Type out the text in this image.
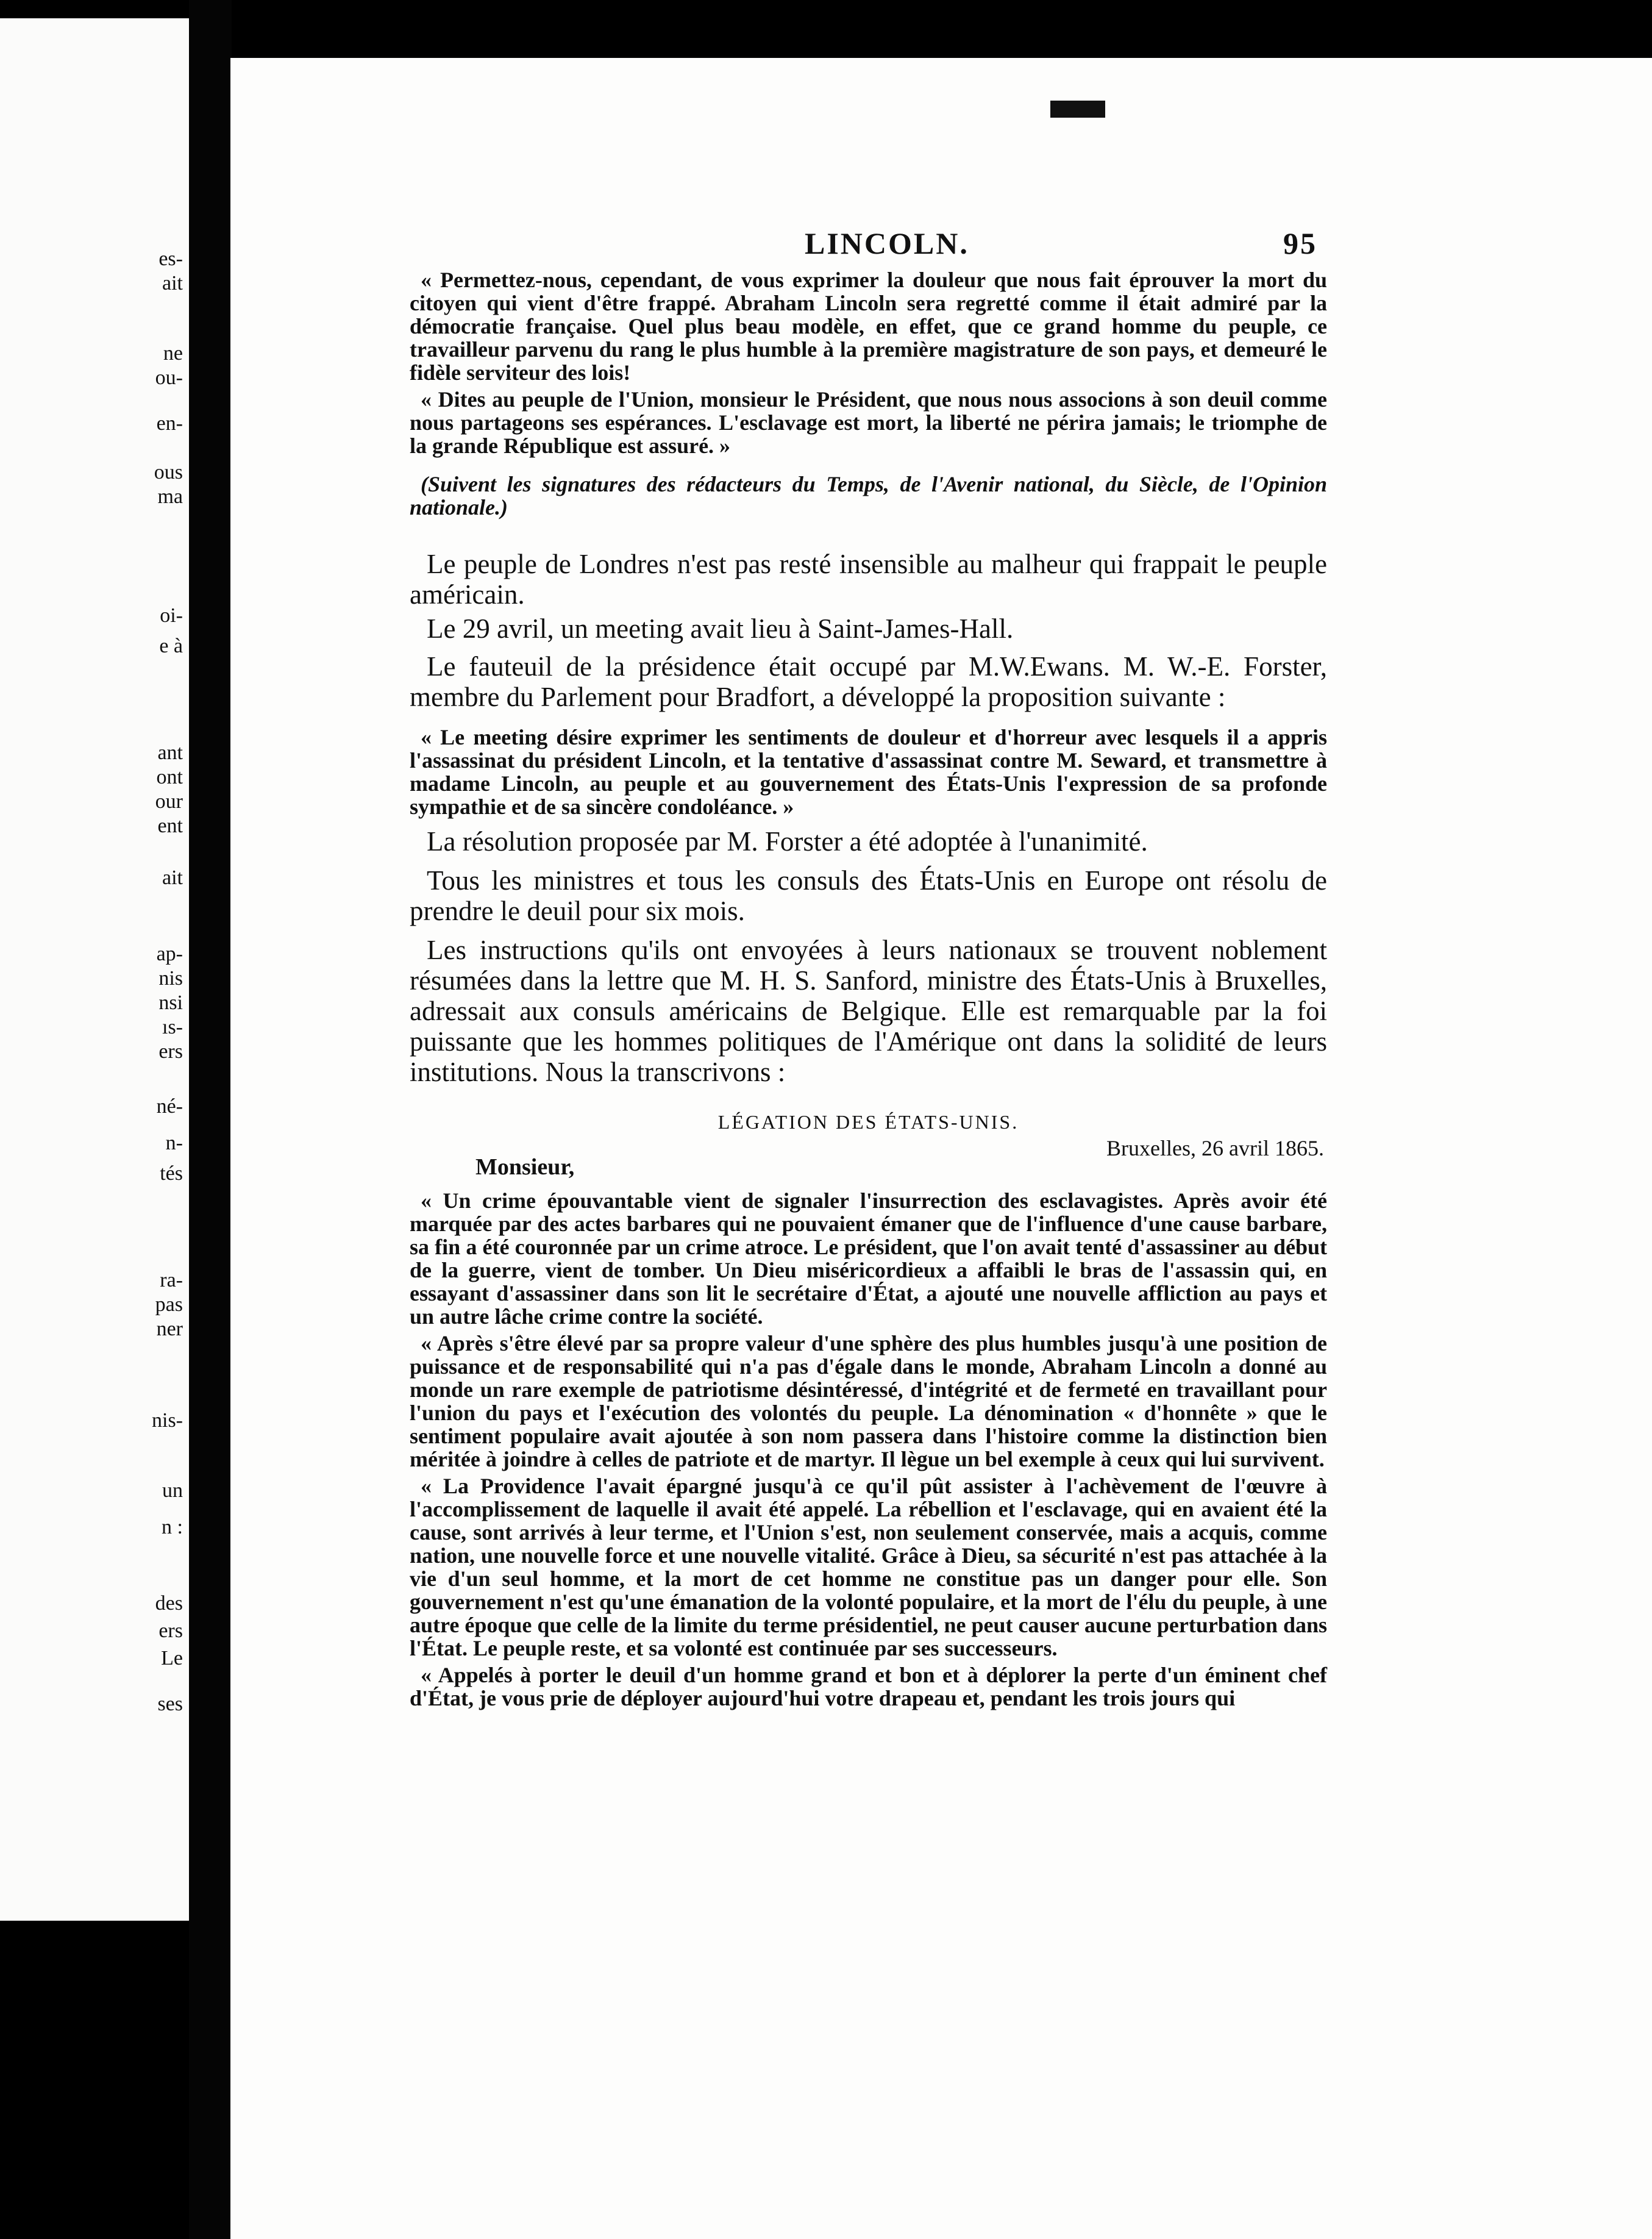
es-
ait
ne
ou-
en-
ous
ma
oi-
e à
ant
ont
our
ent
ait
ap-
nis
nsi
ıs-
ers
né-
n-
tés
ra-
pas
ner
nis-
un
n :
des
ers
Le
ses
LINCOLN.	95

« Permettez-nous, cependant, de vous exprimer la douleur que nous fait éprouver la mort du citoyen qui vient d'être frappé. Abraham Lincoln sera regretté comme il était admiré par la démocratie française. Quel plus beau modèle, en effet, que ce grand homme du peuple, ce travailleur parvenu du rang le plus humble à la première magistrature de son pays, et demeuré le fidèle serviteur des lois!

« Dites au peuple de l'Union, monsieur le Président, que nous nous associons à son deuil comme nous partageons ses espérances. L'esclavage est mort, la liberté ne périra jamais; le triomphe de la grande République est assuré. »

(Suivent les signatures des rédacteurs du Temps, de l'Avenir national, du Siècle, de l'Opinion nationale.)

Le peuple de Londres n'est pas resté insensible au malheur qui frappait le peuple américain.

Le 29 avril, un meeting avait lieu à Saint-James-Hall.

Le fauteuil de la présidence était occupé par M.W.Ewans. M. W.-E. Forster, membre du Parlement pour Bradfort, a développé la proposition suivante :

« Le meeting désire exprimer les sentiments de douleur et d'horreur avec lesquels il a appris l'assassinat du président Lincoln, et la tentative d'assassinat contre M. Seward, et transmettre à madame Lincoln, au peuple et au gouvernement des États-Unis l'expression de sa profonde sympathie et de sa sincère condoléance. »

La résolution proposée par M. Forster a été adoptée à l'unanimité.

Tous les ministres et tous les consuls des États-Unis en Europe ont résolu de prendre le deuil pour six mois.

Les instructions qu'ils ont envoyées à leurs nationaux se trouvent noblement résumées dans la lettre que M. H. S. Sanford, ministre des États-Unis à Bruxelles, adressait aux consuls américains de Belgique. Elle est remarquable par la foi puissante que les hommes politiques de l'Amérique ont dans la solidité de leurs institutions. Nous la transcrivons :

LÉGATION DES ÉTATS-UNIS.
Bruxelles, 26 avril 1865.
Monsieur,

« Un crime épouvantable vient de signaler l'insurrection des esclavagistes. Après avoir été marquée par des actes barbares qui ne pouvaient émaner que de l'influence d'une cause barbare, sa fin a été couronnée par un crime atroce. Le président, que l'on avait tenté d'assassiner au début de la guerre, vient de tomber. Un Dieu miséricordieux a affaibli le bras de l'assassin qui, en essayant d'assassiner dans son lit le secrétaire d'État, a ajouté une nouvelle affliction au pays et un autre lâche crime contre la société.

« Après s'être élevé par sa propre valeur d'une sphère des plus humbles jusqu'à une position de puissance et de responsabilité qui n'a pas d'égale dans le monde, Abraham Lincoln a donné au monde un rare exemple de patriotisme désintéressé, d'intégrité et de fermeté en travaillant pour l'union du pays et l'exécution des volontés du peuple. La dénomination « d'honnête » que le sentiment populaire avait ajoutée à son nom passera dans l'histoire comme la distinction bien méritée à joindre à celles de patriote et de martyr. Il lègue un bel exemple à ceux qui lui survivent.

« La Providence l'avait épargné jusqu'à ce qu'il pût assister à l'achèvement de l'œuvre à l'accomplissement de laquelle il avait été appelé. La rébellion et l'esclavage, qui en avaient été la cause, sont arrivés à leur terme, et l'Union s'est, non seulement conservée, mais a acquis, comme nation, une nouvelle force et une nouvelle vitalité. Grâce à Dieu, sa sécurité n'est pas attachée à la vie d'un seul homme, et la mort de cet homme ne constitue pas un danger pour elle. Son gouvernement n'est qu'une émanation de la volonté populaire, et la mort de l'élu du peuple, à une autre époque que celle de la limite du terme présidentiel, ne peut causer aucune perturbation dans l'État. Le peuple reste, et sa volonté est continuée par ses successeurs.

« Appelés à porter le deuil d'un homme grand et bon et à déplorer la perte d'un éminent chef d'État, je vous prie de déployer aujourd'hui votre drapeau et, pendant les trois jours qui
